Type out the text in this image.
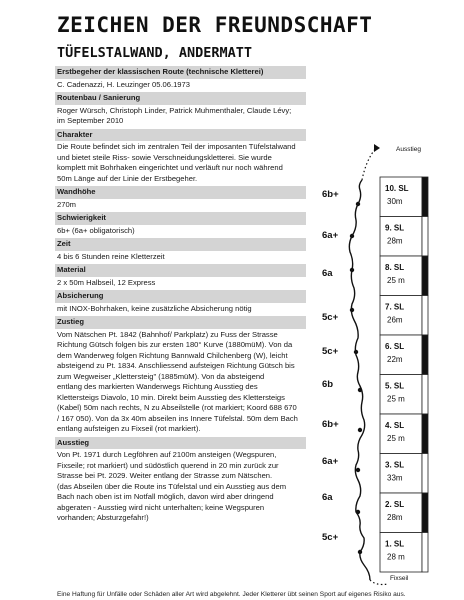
ZEICHEN DER FREUNDSCHAFT
TÜFELSTALWAND, ANDERMATT
Erstbegeher der klassischen Route (technische Kletterei)
C. Cadenazzi, H. Leuzinger 05.06.1973
Routenbau / Sanierung
Roger Würsch, Christoph Linder, Patrick Muhmenthaler, Claude Lévy;
im September 2010
Charakter
Die Route befindet sich im zentralen Teil der imposanten Tüfelstalwand
und bietet steile Riss- sowie Verschneidungskletterei. Sie wurde
komplett mit Bohrhaken eingerichtet und verläuft nur noch während
50m Länge auf der Linie der Erstbegeher.
Wandhöhe
270m
Schwierigkeit
6b+ (6a+ obligatorisch)
Zeit
4 bis 6 Stunden reine Kletterzeit
Material
2 x 50m Halbseil, 12 Express
Absicherung
mit INOX-Bohrhaken, keine zusätzliche Absicherung nötig
Zustieg
Vom Nätschen Pt. 1842 (Bahnhof/ Parkplatz) zu Fuss der Strasse
Richtung Gütsch folgen bis zur ersten 180° Kurve (1880müM). Von da
dem Wanderweg folgen Richtung Bannwald Chilchenberg (W), leicht
absteigend zu Pt. 1834. Anschliessend aufsteigen Richtung Gütsch bis
zum Wegweiser „Klettersteig" (1885müM). Von da absteigend
entlang des markierten Wanderwegs Richtung Ausstieg des
Klettersteigs Diavolo, 10 min. Direkt beim Ausstieg des Klettersteigs
(Kabel) 50m nach rechts, N zu Abseilstelle (rot markiert; Koord 688 670
/ 167 050). Von da 3x 40m abseilen ins Innere Tüfelstal. 50m dem Bach
entlang aufsteigen zu Fixseil (rot markiert).
Ausstieg
Von Pt. 1971 durch Legföhren auf 2100m ansteigen (Wegspuren,
Fixseile; rot markiert) und südöstlich querend in 20 min zurück zur
Strasse bei Pt. 2029. Weiter entlang der Strasse zum Nätschen.
(das Abseilen über die Route ins Tüfelstal und ein Ausstieg aus dem
Bach nach oben ist im Notfall möglich, davon wird aber dringend
abgeraten - Ausstieg wird nicht unterhalten; keine Wegspuren
vorhanden; Absturzgefahr!)
10. SL
30m
9. SL
28m
8. SL
25 m
7. SL
26m
6. SL
22m
5. SL
25 m
4. SL
25 m
3. SL
33m
2. SL
28m
1. SL
28 m
Ausstieg
Fixseil
6b+
6a+
6a
5c+
5c+
6b
6b+
6a+
6a
5c+
Eine Haftung für Unfälle oder Schäden aller Art wird abgelehnt. Jeder Kletterer übt seinen Sport auf eigenes Risiko aus.
